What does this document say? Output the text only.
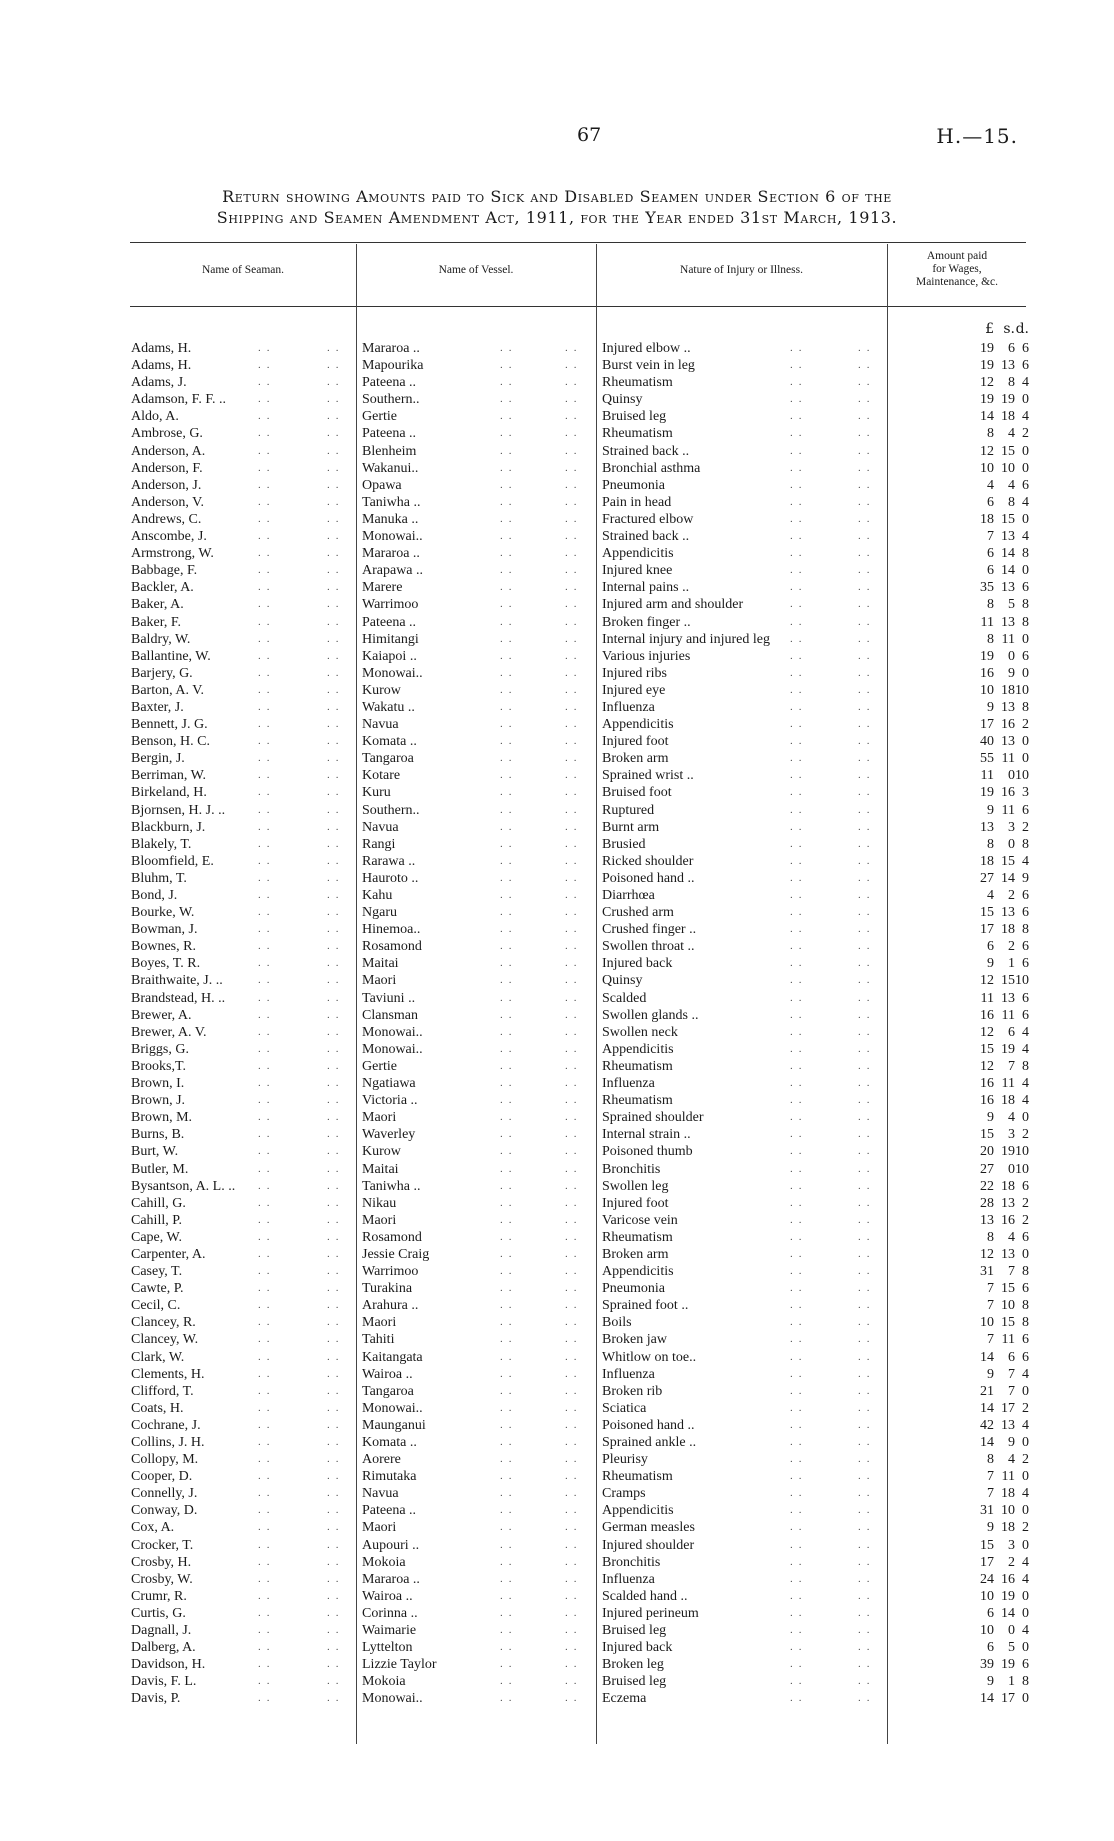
67	H.—15.
Return showing Amounts paid to Sick and Disabled Seamen under Section 6 of the
Shipping and Seamen Amendment Act, 1911, for the Year ended 31st March, 1913.
Name of Seaman.	Name of Vessel.	Nature of Injury or Illness.
Amount paid
for Wages,
Maintenance, &c.
£ s. d.
..	..	..	..	..	..
Adams, H.	Mararoa ..	Injured elbow ..	19 6 6
..	..	..	..	..	..
Adams, H.	Mapourika	Burst vein in leg	19 13 6
..	..	..	..	..	..
Adams, J.	Pateena ..	Rheumatism	12 8 4
..	..	..	..	..	..
Adamson, F. F. ..	Southern..	Quinsy	19 19 0
..	..	..	..	..	..
Aldo, A.	Gertie	Bruised leg	14 18 4
..	..	..	..	..	..
Ambrose, G.	Pateena ..	Rheumatism	8 4 2
..	..	..	..	..	..
Anderson, A.	Blenheim	Strained back ..	12 15 0
..	..	..	..	..	..
Anderson, F.	Wakanui..	Bronchial asthma	10 10 0
..	..	..	..	..	..
Anderson, J.	Opawa	Pneumonia	4 4 6
..	..	..	..	..	..
Anderson, V.	Taniwha ..	Pain in head	6 8 4
..	..	..	..	..	..
Andrews, C.	Manuka ..	Fractured elbow	18 15 0
..	..	..	..	..	..
Anscombe, J.	Monowai..	Strained back ..	7 13 4
..	..	..	..	..	..
Armstrong, W.	Mararoa ..	Appendicitis	6 14 8
..	..	..	..	..	..
Babbage, F.	Arapawa ..	Injured knee	6 14 0
..	..	..	..	..	..
Backler, A.	Marere	Internal pains ..	35 13 6
..	..	..	..	..	..
Baker, A.	Warrimoo	Injured arm and shoulder	8 5 8
..	..	..	..	..	..
Baker, F.	Pateena ..	Broken finger ..	11 13 8
..	..	..	..	..	..
Baldry, W.	Himitangi	Internal injury and injured leg	8 11 0
..	..	..	..	..	..
Ballantine, W.	Kaiapoi ..	Various injuries	19 0 6
..	..	..	..	..	..
Barjery, G.	Monowai..	Injured ribs	16 9 0
..	..	..	..	..	..
Barton, A. V.	Kurow	Injured eye	10 18 10
..	..	..	..	..	..
Baxter, J.	Wakatu ..	Influenza	9 13 8
..	..	..	..	..	..
Bennett, J. G.	Navua	Appendicitis	17 16 2
..	..	..	..	..	..
Benson, H. C.	Komata ..	Injured foot	40 13 0
..	..	..	..	..	..
Bergin, J.	Tangaroa	Broken arm	55 11 0
..	..	..	..	..	..
Berriman, W.	Kotare	Sprained wrist ..	11 0 10
..	..	..	..	..	..
Birkeland, H.	Kuru	Bruised foot	19 16 3
..	..	..	..	..	..
Bjornsen, H. J. ..	Southern..	Ruptured	9 11 6
..	..	..	..	..	..
Blackburn, J.	Navua	Burnt arm	13 3 2
..	..	..	..	..	..
Blakely, T.	Rangi	Brusied	8 0 8
..	..	..	..	..	..
Bloomfield, E.	Rarawa ..	Ricked shoulder	18 15 4
..	..	..	..	..	..
Bluhm, T.	Hauroto ..	Poisoned hand ..	27 14 9
..	..	..	..	..	..
Bond, J.	Kahu	Diarrhœa	4 2 6
..	..	..	..	..	..
Bourke, W.	Ngaru	Crushed arm	15 13 6
..	..	..	..	..	..
Bowman, J.	Hinemoa..	Crushed finger ..	17 18 8
..	..	..	..	..	..
Bownes, R.	Rosamond	Swollen throat ..	6 2 6
..	..	..	..	..	..
Boyes, T. R.	Maitai	Injured back	9 1 6
..	..	..	..	..	..
Braithwaite, J. ..	Maori	Quinsy	12 15 10
..	..	..	..	..	..
Brandstead, H. ..	Taviuni ..	Scalded	11 13 6
..	..	..	..	..	..
Brewer, A.	Clansman	Swollen glands ..	16 11 6
..	..	..	..	..	..
Brewer, A. V.	Monowai..	Swollen neck	12 6 4
..	..	..	..	..	..
Briggs, G.	Monowai..	Appendicitis	15 19 4
..	..	..	..	..	..
Brooks,T.	Gertie	Rheumatism	12 7 8
..	..	..	..	..	..
Brown, I.	Ngatiawa	Influenza	16 11 4
..	..	..	..	..	..
Brown, J.	Victoria ..	Rheumatism	16 18 4
..	..	..	..	..	..
Brown, M.	Maori	Sprained shoulder	9 4 0
..	..	..	..	..	..
Burns, B.	Waverley	Internal strain ..	15 3 2
..	..	..	..	..	..
Burt, W.	Kurow	Poisoned thumb	20 19 10
..	..	..	..	..	..
Butler, M.	Maitai	Bronchitis	27 0 10
..	..	..	..	..	..
Bysantson, A. L. ..	Taniwha ..	Swollen leg	22 18 6
..	..	..	..	..	..
Cahill, G.	Nikau	Injured foot	28 13 2
..	..	..	..	..	..
Cahill, P.	Maori	Varicose vein	13 16 2
..	..	..	..	..	..
Cape, W.	Rosamond	Rheumatism	8 4 6
..	..	..	..	..	..
Carpenter, A.	Jessie Craig	Broken arm	12 13 0
..	..	..	..	..	..
Casey, T.	Warrimoo	Appendicitis	31 7 8
..	..	..	..	..	..
Cawte, P.	Turakina	Pneumonia	7 15 6
..	..	..	..	..	..
Cecil, C.	Arahura ..	Sprained foot ..	7 10 8
..	..	..	..	..	..
Clancey, R.	Maori	Boils	10 15 8
..	..	..	..	..	..
Clancey, W.	Tahiti	Broken jaw	7 11 6
..	..	..	..	..	..
Clark, W.	Kaitangata	Whitlow on toe..	14 6 6
..	..	..	..	..	..
Clements, H.	Wairoa ..	Influenza	9 7 4
..	..	..	..	..	..
Clifford, T.	Tangaroa	Broken rib	21 7 0
..	..	..	..	..	..
Coats, H.	Monowai..	Sciatica	14 17 2
..	..	..	..	..	..
Cochrane, J.	Maunganui	Poisoned hand ..	42 13 4
..	..	..	..	..	..
Collins, J. H.	Komata ..	Sprained ankle ..	14 9 0
..	..	..	..	..	..
Collopy, M.	Aorere	Pleurisy	8 4 2
..	..	..	..	..	..
Cooper, D.	Rimutaka	Rheumatism	7 11 0
..	..	..	..	..	..
Connelly, J.	Navua	Cramps	7 18 4
..	..	..	..	..	..
Conway, D.	Pateena ..	Appendicitis	31 10 0
..	..	..	..	..	..
Cox, A.	Maori	German measles	9 18 2
..	..	..	..	..	..
Crocker, T.	Aupouri ..	Injured shoulder	15 3 0
..	..	..	..	..	..
Crosby, H.	Mokoia	Bronchitis	17 2 4
..	..	..	..	..	..
Crosby, W.	Mararoa ..	Influenza	24 16 4
..	..	..	..	..	..
Crumr, R.	Wairoa ..	Scalded hand ..	10 19 0
..	..	..	..	..	..
Curtis, G.	Corinna ..	Injured perineum	6 14 0
..	..	..	..	..	..
Dagnall, J.	Waimarie	Bruised leg	10 0 4
..	..	..	..	..	..
Dalberg, A.	Lyttelton	Injured back	6 5 0
..	..	..	..	..	..
Davidson, H.	Lizzie Taylor	Broken leg	39 19 6
..	..	..	..	..	..
Davis, F. L.	Mokoia	Bruised leg	9 1 8
..	..	..	..	..	..
Davis, P.	Monowai..	Eczema	14 17 0
